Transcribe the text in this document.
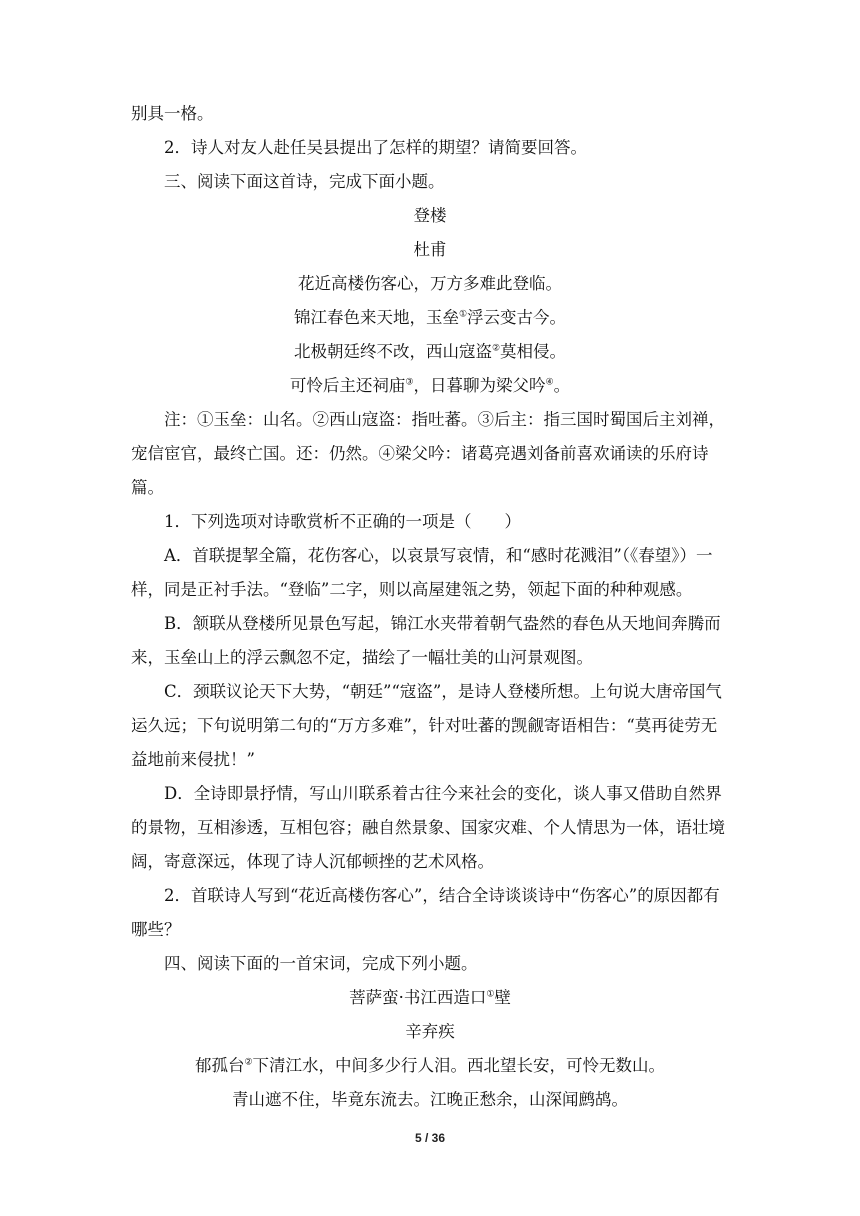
别具一格。

2．诗人对友人赴任吴县提出了怎样的期望？请简要回答。

三、阅读下面这首诗，完成下面小题。

登楼

杜甫

花近高楼伤客心，万方多难此登临。

锦江春色来天地，玉垒①浮云变古今。

北极朝廷终不改，西山寇盗②莫相侵。

可怜后主还祠庙③，日暮聊为梁父吟④。

注：①玉垒：山名。②西山寇盗：指吐蕃。③后主：指三国时蜀国后主刘禅，宠信宦官，最终亡国。还：仍然。④梁父吟：诸葛亮遇刘备前喜欢诵读的乐府诗篇。

1．下列选项对诗歌赏析不正确的一项是（　　）

A．首联提挈全篇，花伤客心，以哀景写哀情，和“感时花溅泪”（《春望》）一样，同是正衬手法。“登临”二字，则以高屋建瓴之势，领起下面的种种观感。

B．颔联从登楼所见景色写起，锦江水夹带着朝气盎然的春色从天地间奔腾而来，玉垒山上的浮云飘忽不定，描绘了一幅壮美的山河景观图。

C．颈联议论天下大势，“朝廷”“寇盗”，是诗人登楼所想。上句说大唐帝国气运久远；下句说明第二句的“万方多难”，针对吐蕃的觊觎寄语相告：“莫再徒劳无益地前来侵扰！”

D．全诗即景抒情，写山川联系着古往今来社会的变化，谈人事又借助自然界的景物，互相渗透，互相包容；融自然景象、国家灾难、个人情思为一体，语壮境阔，寄意深远，体现了诗人沉郁顿挫的艺术风格。

2．首联诗人写到“花近高楼伤客心”，结合全诗谈谈诗中“伤客心”的原因都有哪些？

四、阅读下面的一首宋词，完成下列小题。

菩萨蛮·书江西造口①壁

辛弃疾

郁孤台②下清江水，中间多少行人泪。西北望长安，可怜无数山。

青山遮不住，毕竟东流去。江晚正愁余，山深闻鹧鸪。

5 / 36
